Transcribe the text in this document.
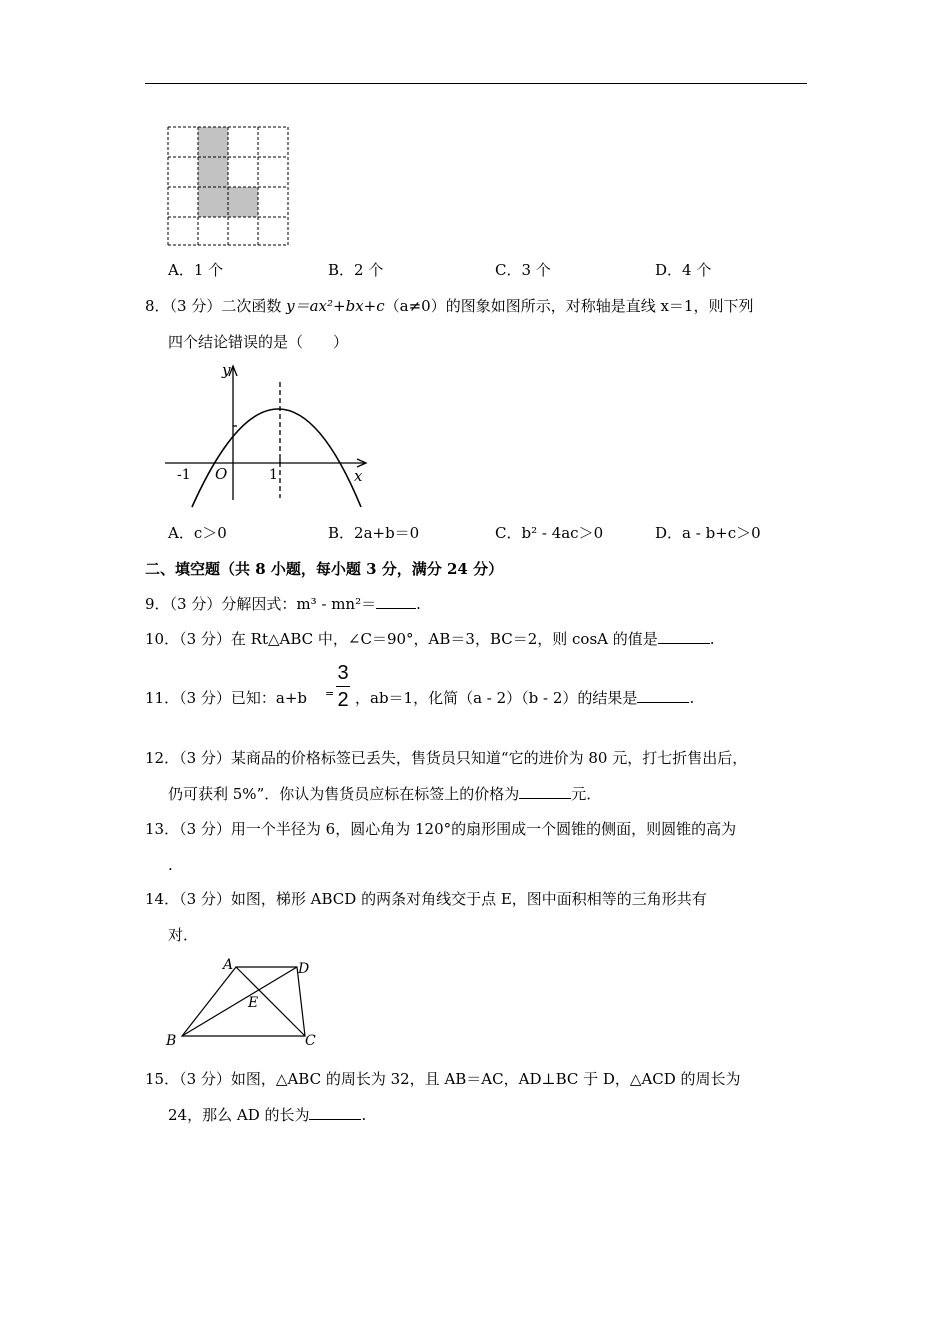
A．1 个	B．2 个	C．3 个	D．4 个
8．（3 分）二次函数 y＝ax²+bx+c（a≠0）的图象如图所示，对称轴是直线 x＝1，则下列
四个结论错误的是（　　）
y
x
O
-1	1
A．c＞0	B．2a+b＝0	C．b² - 4ac＞0	D．a - b+c＞0
二、填空题（共 8 小题，每小题 3 分，满分 24 分）
9．（3 分）分解因式：m³ - mn²＝	.
10．（3 分）在 Rt△ABC 中，∠C＝90°，AB＝3，BC＝2，则 cosA 的值是	.
11．（3 分）已知：a+b =
3
2 ，ab＝1，化简（a - 2）（b - 2）的结果是	.
12．（3 分）某商品的价格标签已丢失，售货员只知道“它的进价为 80 元，打七折售出后，
仍可获利 5%”．你认为售货员应标在标签上的价格为	元．
13．（3 分）用一个半径为 6，圆心角为 120°的扇形围成一个圆锥的侧面，则圆锥的高为
.
14．（3 分）如图，梯形 ABCD 的两条对角线交于点 E，图中面积相等的三角形共有
对．
A	D
E
B	C
15．（3 分）如图，△ABC 的周长为 32，且 AB＝AC，AD⊥BC 于 D，△ACD 的周长为
24，那么 AD 的长为	.
